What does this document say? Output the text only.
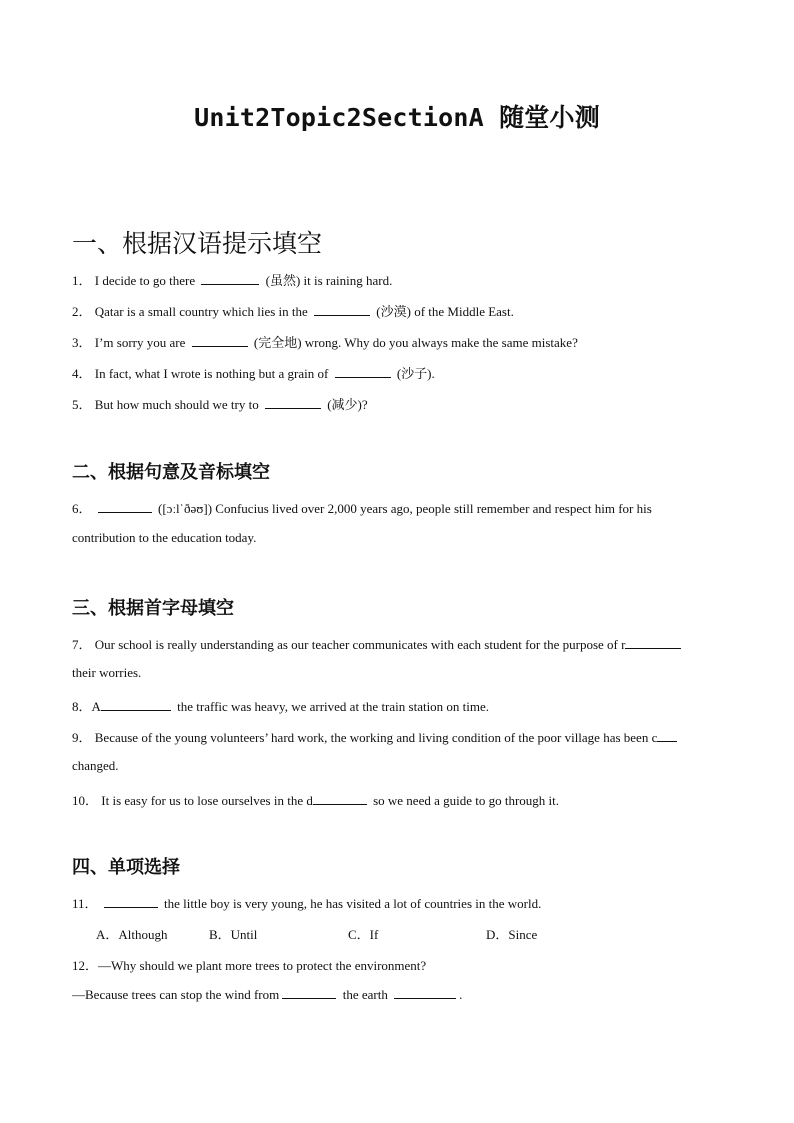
Unit2Topic2SectionA 随堂小测
一、根据汉语提示填空
1． I decide to go there	(虽然) it is raining hard.
2． Qatar is a small country which lies in the	(沙漠) of the Middle East.
3． I’m sorry you are	(完全地) wrong. Why do you always make the same mistake?
4． In fact, what I wrote is nothing but a grain of	(沙子).
5． But how much should we try to	(减少)?
二、根据句意及音标填空
6．	([ɔːlˈðəʊ]) Confucius lived over 2,000 years ago, people still remember and respect him for his
contribution to the education today.
三、根据首字母填空
7． Our school is really understanding as our teacher communicates with each student for the purpose of r
their worries.
8．A	the traffic was heavy, we arrived at the train station on time.
9． Because of the young volunteers’ hard work, the working and living condition of the poor village has been c
changed.
10． It is easy for us to lose ourselves in the d	so we need a guide to go through it.
四、单项选择
11．	the little boy is very young, he has visited a lot of countries in the world.
A．Although	B．Until	C．If	D．Since
12．—Why should we plant more trees to protect the environment?
—Because trees can stop the wind from	the earth	.
